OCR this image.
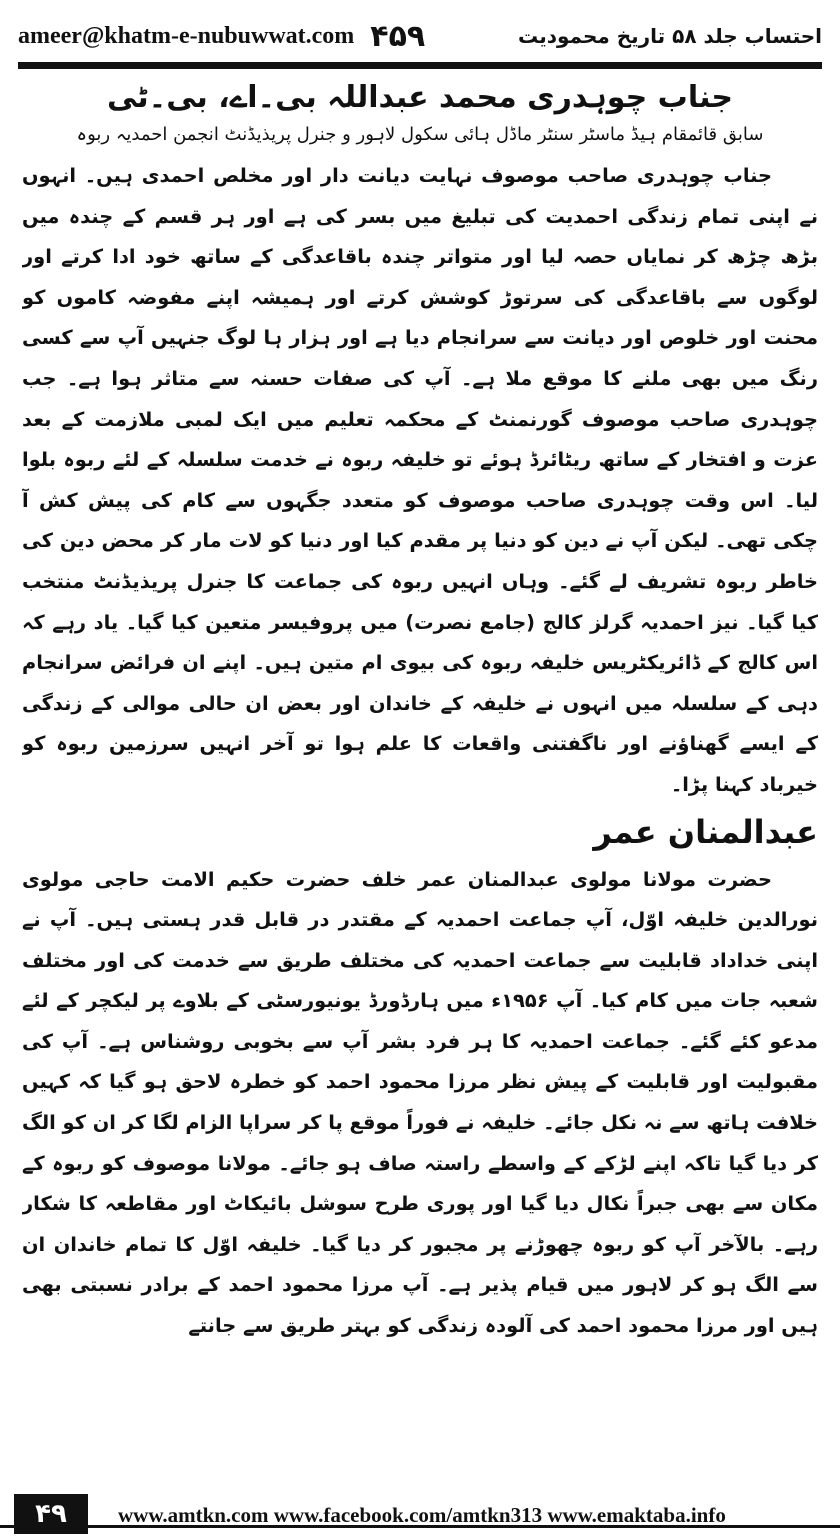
ameer@khatm-e-nubuwwat.com ۴۵۹	احتساب جلد ۵۸ تاریخ محمودیت

جناب چوہدری محمد عبداللہ بی۔اے، بی۔ٹی

سابق قائمقام ہیڈ ماسٹر سنٹر ماڈل ہائی سکول لاہور و جنرل پریذیڈنٹ انجمن احمدیہ ربوہ

جناب چوہدری صاحب موصوف نہایت دیانت دار اور مخلص احمدی ہیں۔ انہوں نے اپنی تمام زندگی احمدیت کی تبلیغ میں بسر کی ہے اور ہر قسم کے چندہ میں بڑھ چڑھ کر نمایاں حصہ لیا اور متواتر چندہ باقاعدگی کے ساتھ خود ادا کرتے اور لوگوں سے باقاعدگی کی سرتوڑ کوشش کرتے اور ہمیشہ اپنے مفوضہ کاموں کو محنت اور خلوص اور دیانت سے سرانجام دیا ہے اور ہزار ہا لوگ جنہیں آپ سے کسی رنگ میں بھی ملنے کا موقع ملا ہے۔ آپ کی صفات حسنہ سے متاثر ہوا ہے۔ جب چوہدری صاحب موصوف گورنمنٹ کے محکمہ تعلیم میں ایک لمبی ملازمت کے بعد عزت و افتخار کے ساتھ ریٹائرڈ ہوئے تو خلیفہ ربوہ نے خدمت سلسلہ کے لئے ربوہ بلوا لیا۔ اس وقت چوہدری صاحب موصوف کو متعدد جگہوں سے کام کی پیش کش آ چکی تھی۔ لیکن آپ نے دین کو دنیا پر مقدم کیا اور دنیا کو لات مار کر محض دین کی خاطر ربوہ تشریف لے گئے۔ وہاں انہیں ربوہ کی جماعت کا جنرل پریذیڈنٹ منتخب کیا گیا۔ نیز احمدیہ گرلز کالج (جامع نصرت) میں پروفیسر متعین کیا گیا۔ یاد رہے کہ اس کالج کے ڈائریکٹریس خلیفہ ربوہ کی بیوی ام متین ہیں۔ اپنے ان فرائض سرانجام دہی کے سلسلہ میں انہوں نے خلیفہ کے خاندان اور بعض ان حالی موالی کے زندگی کے ایسے گھناؤنے اور ناگفتنی واقعات کا علم ہوا تو آخر انہیں سرزمین ربوہ کو خیرباد کہنا پڑا۔

عبدالمنان عمر

حضرت مولانا مولوی عبدالمنان عمر خلف حضرت حکیم الامت حاجی مولوی نورالدین خلیفہ اوّل، آپ جماعت احمدیہ کے مقتدر در قابل قدر ہستی ہیں۔ آپ نے اپنی خداداد قابلیت سے جماعت احمدیہ کی مختلف طریق سے خدمت کی اور مختلف شعبہ جات میں کام کیا۔ آپ ۱۹۵۶ء میں ہارڈورڈ یونیورسٹی کے بلاوے پر لیکچر کے لئے مدعو کئے گئے۔ جماعت احمدیہ کا ہر فرد بشر آپ سے بخوبی روشناس ہے۔ آپ کی مقبولیت اور قابلیت کے پیش نظر مرزا محمود احمد کو خطرہ لاحق ہو گیا کہ کہیں خلافت ہاتھ سے نہ نکل جائے۔ خلیفہ نے فوراً موقع پا کر سراپا الزام لگا کر ان کو الگ کر دیا گیا تاکہ اپنے لڑکے کے واسطے راستہ صاف ہو جائے۔ مولانا موصوف کو ربوہ کے مکان سے بھی جبراً نکال دیا گیا اور پوری طرح سوشل بائیکاٹ اور مقاطعہ کا شکار رہے۔ بالآخر آپ کو ربوہ چھوڑنے پر مجبور کر دیا گیا۔ خلیفہ اوّل کا تمام خاندان ان سے الگ ہو کر لاہور میں قیام پذیر ہے۔ آپ مرزا محمود احمد کے برادر نسبتی بھی ہیں اور مرزا محمود احمد کی آلودہ زندگی کو بہتر طریق سے جانتے

۴۹	www.amtkn.com www.facebook.com/amtkn313 www.emaktaba.info
